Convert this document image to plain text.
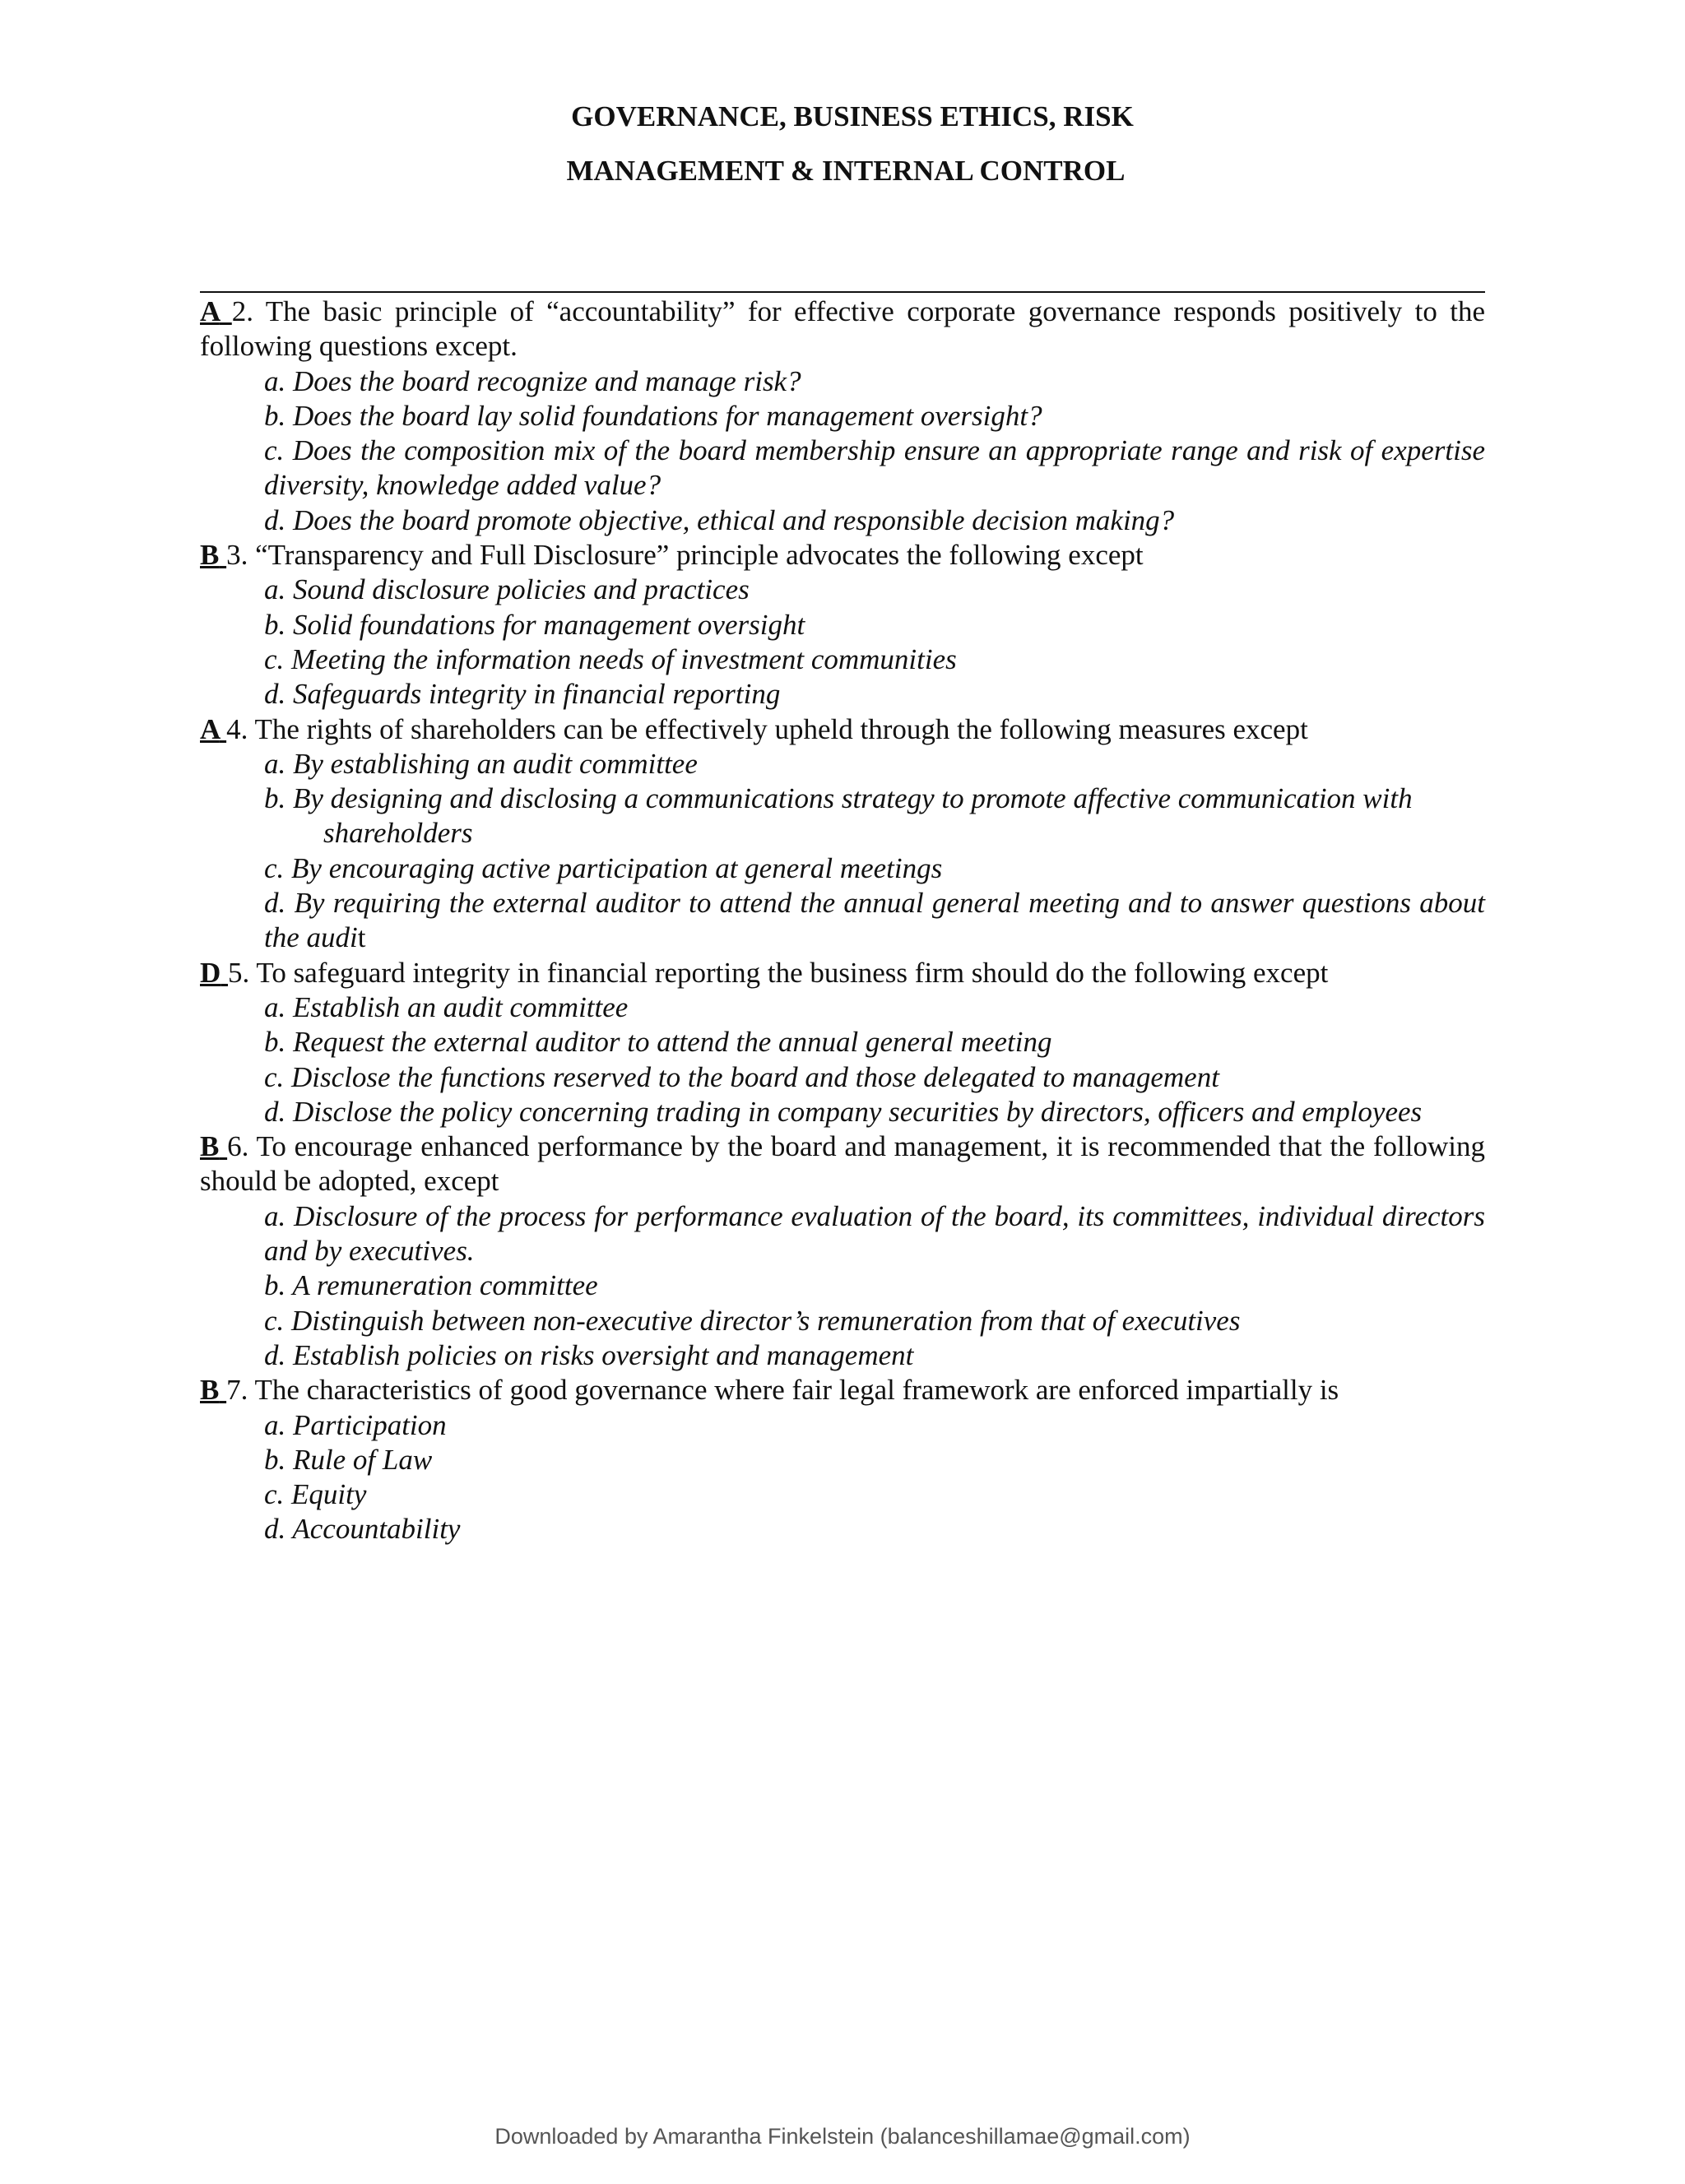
GOVERNANCE, BUSINESS ETHICS, RISK
MANAGEMENT & INTERNAL CONTROL

A 2. The basic principle of “accountability” for effective corporate governance responds positively to the following questions except.

a. Does the board recognize and manage risk?
b. Does the board lay solid foundations for management oversight?
c. Does the composition mix of the board membership ensure an appropriate range and risk of expertise diversity, knowledge added value?
d. Does the board promote objective, ethical and responsible decision making?

B 3. “Transparency and Full Disclosure” principle advocates the following except

a. Sound disclosure policies and practices
b. Solid foundations for management oversight
c. Meeting the information needs of investment communities
d. Safeguards integrity in financial reporting

A 4. The rights of shareholders can be effectively upheld through the following measures except

a. By establishing an audit committee
b. By designing and disclosing a communications strategy to promote affective communication with
shareholders
c. By encouraging active participation at general meetings
d. By requiring the external auditor to attend the annual general meeting and to answer questions about the audit

D 5. To safeguard integrity in financial reporting the business firm should do the following except

a. Establish an audit committee
b. Request the external auditor to attend the annual general meeting
c. Disclose the functions reserved to the board and those delegated to management
d. Disclose the policy concerning trading in company securities by directors, officers and employees

B 6. To encourage enhanced performance by the board and management, it is recommended that the following should be adopted, except

a. Disclosure of the process for performance evaluation of the board, its committees, individual directors and by executives.
b. A remuneration committee
c. Distinguish between non-executive director’s remuneration from that of executives
d. Establish policies on risks oversight and management

B 7. The characteristics of good governance where fair legal framework are enforced impartially is

a. Participation
b. Rule of Law
c. Equity
d. Accountability
Downloaded by Amarantha Finkelstein (balanceshillamae@gmail.com)
